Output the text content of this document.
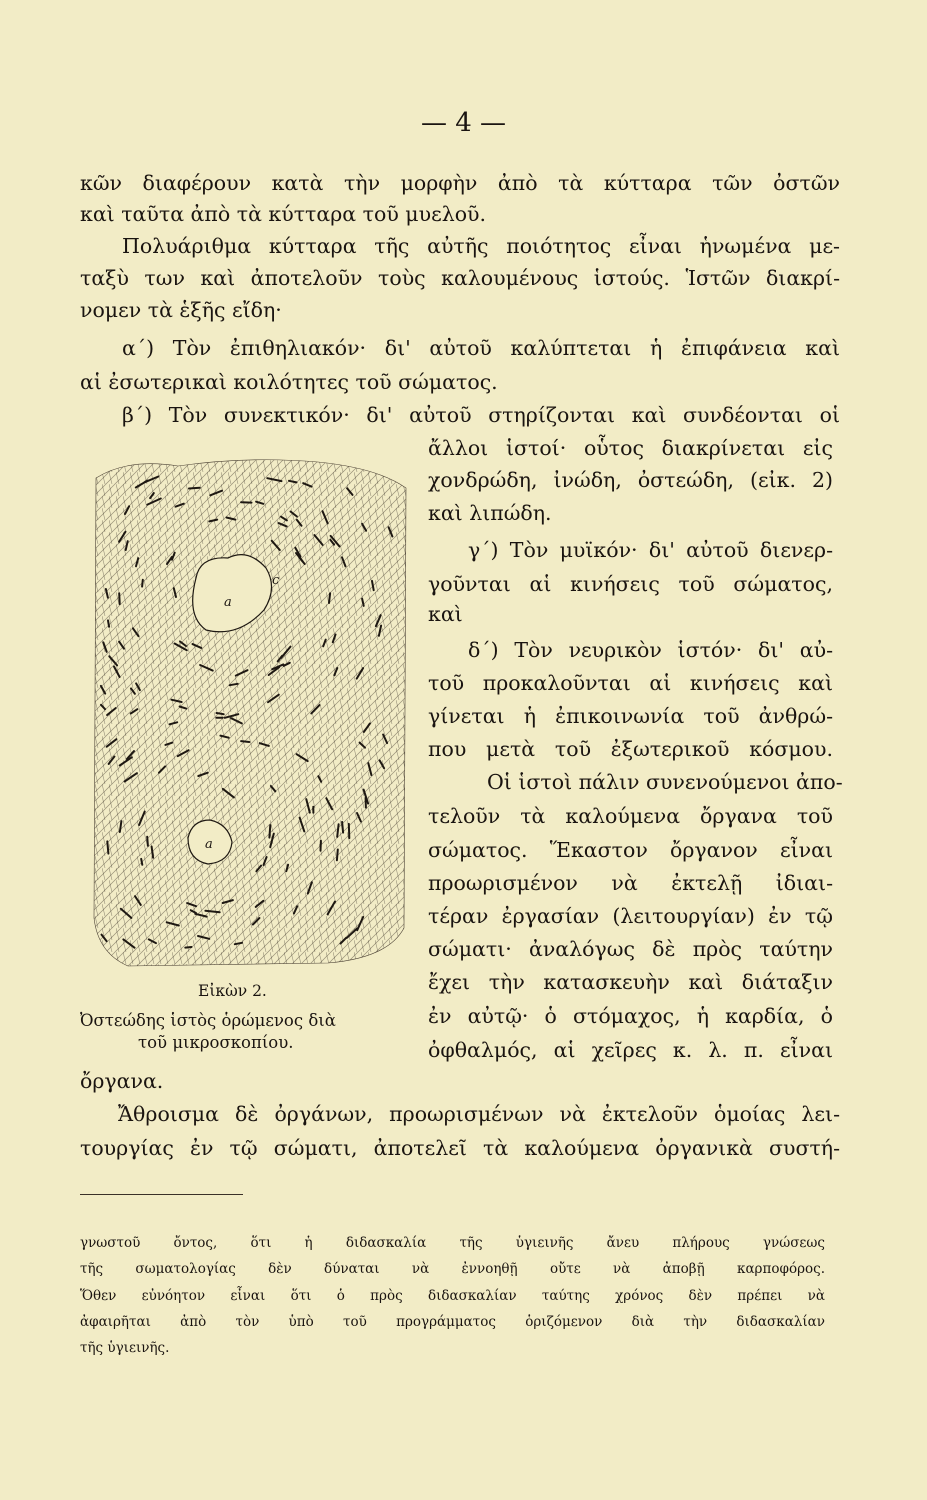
— 4 —
κῶν διαφέρουν κατὰ τὴν μορφὴν ἀπὸ τὰ κύτταρα τῶν ὀστῶν
καὶ ταῦτα ἀπὸ τὰ κύτταρα τοῦ μυελοῦ.
Πολυάριθμα κύτταρα τῆς αὐτῆς ποιότητος εἶναι ἡνωμένα με-
ταξὺ των καὶ ἀποτελοῦν τοὺς καλουμένους ἱστούς. Ἱστῶν διακρί-
νομεν τὰ ἑξῆς εἴδη·
α΄) Τὸν ἐπιθηλιακόν· δι' αὐτοῦ καλύπτεται ἡ ἐπιφάνεια καὶ
αἱ ἐσωτερικαὶ κοιλότητες τοῦ σώματος.
β΄) Τὸν συνεκτικόν· δι' αὐτοῦ στηρίζονται καὶ συνδέονται οἱ
ἄλλοι ἱστοί· οὗτος διακρίνεται εἰς
χονδρώδη, ἰνώδη, ὀστεώδη, (εἰκ. 2)
καὶ λιπώδη.
γ΄) Τὸν μυϊκόν· δι' αὐτοῦ διενερ-
γοῦνται αἱ κινήσεις τοῦ σώματος,
καὶ
δ΄) Τὸν νευρικὸν ἱστόν· δι' αὐ-
τοῦ προκαλοῦνται αἱ κινήσεις καὶ
γίνεται ἡ ἐπικοινωνία τοῦ ἀνθρώ-
που μετὰ τοῦ ἐξωτερικοῦ κόσμου.
Οἱ ἱστοὶ πάλιν συνενούμενοι ἀπο-
τελοῦν τὰ καλούμενα ὄργανα τοῦ
σώματος. Ἕκαστον ὄργανον εἶναι
προωρισμένον νὰ ἐκτελῇ ἰδιαι-
τέραν ἐργασίαν (λειτουργίαν) ἐν τῷ
σώματι· ἀναλόγως δὲ πρὸς ταύτην
ἔχει τὴν κατασκευὴν καὶ διάταξιν
ἐν αὐτῷ· ὁ στόμαχος, ἡ καρδία, ὁ
ὀφθαλμός, αἱ χεῖρες κ. λ. π. εἶναι
a
c
a
Εἰκὼν 2.
Ὀστεώδης ἱστὸς ὁρώμενος διὰ
τοῦ μικροσκοπίου.
ὄργανα.
Ἄθροισμα δὲ ὀργάνων, προωρισμένων νὰ ἐκτελοῦν ὁμοίας λει-
τουργίας ἐν τῷ σώματι, ἀποτελεῖ τὰ καλούμενα ὀργανικὰ συστή-
γνωστοῦ ὄντος, ὅτι ἡ διδασκαλία τῆς ὑγιεινῆς ἄνευ πλήρους γνώσεως
τῆς σωματολογίας δὲν δύναται νὰ ἐννοηθῇ οὔτε νὰ ἀποβῇ καρποφόρος.
Ὅθεν εὐνόητον εἶναι ὅτι ὁ πρὸς διδασκαλίαν ταύτης χρόνος δὲν πρέπει νὰ
ἀφαιρῆται ἀπὸ τὸν ὑπὸ τοῦ προγράμματος ὁριζόμενον διὰ τὴν διδασκαλίαν
τῆς ὑγιεινῆς.
